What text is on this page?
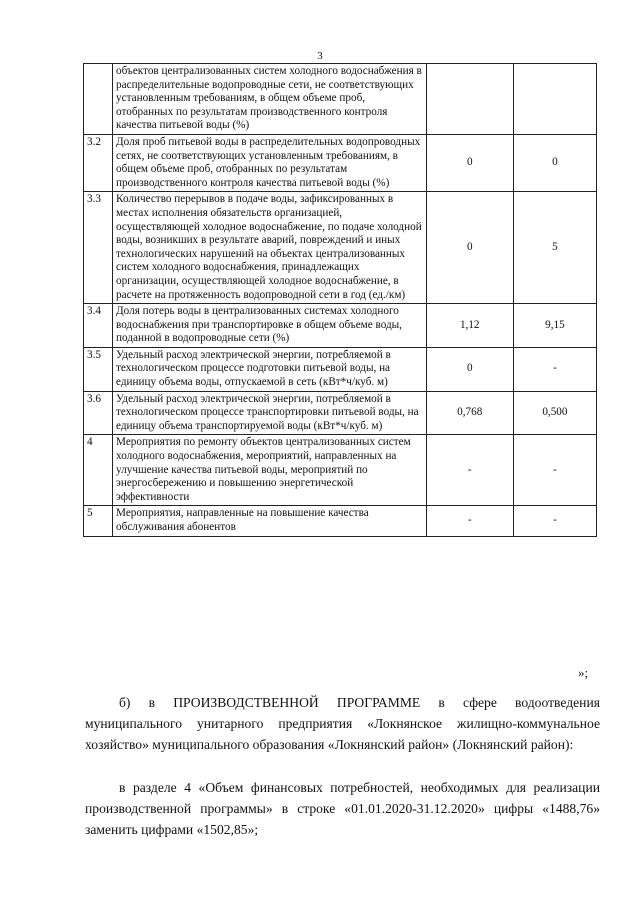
3
	объектов централизованных систем холодного водоснабжения в распределительные водопроводные сети, не соответствующих установленным требованиям, в общем объеме проб, отобранных по результатам производственного контроля качества питьевой воды (%)		
3.2	Доля проб питьевой воды в распределительных водопроводных сетях, не соответствующих установленным требованиям, в общем объеме проб, отобранных по результатам производственного контроля качества питьевой воды (%)	0	0
3.3	Количество перерывов в подаче воды, зафиксированных в местах исполнения обязательств организацией, осуществляющей холодное водоснабжение, по подаче холодной воды, возникших в результате аварий, повреждений и иных технологических нарушений на объектах централизованных систем холодного водоснабжения, принадлежащих организации, осуществляющей холодное водоснабжение, в расчете на протяженность водопроводной сети в год (ед./км)	0	5
3.4	Доля потерь воды в централизованных системах холодного водоснабжения при транспортировке в общем объеме воды, поданной в водопроводные сети (%)	1,12	9,15
3.5	Удельный расход электрической энергии, потребляемой в технологическом процессе подготовки питьевой воды, на единицу объема воды, отпускаемой в сеть (кВт*ч/куб. м)	0	-
3.6	Удельный расход электрической энергии, потребляемой в технологическом процессе транспортировки питьевой воды, на единицу объема транспортируемой воды (кВт*ч/куб. м)	0,768	0,500
4	Мероприятия по ремонту объектов централизованных систем холодного водоснабжения, мероприятий, направленных на улучшение качества питьевой воды, мероприятий по энергосбережению и повышению энергетической эффективности	-	-
5	Мероприятия, направленные на повышение качества обслуживания абонентов	-	-
»;
б) в ПРОИЗВОДСТВЕННОЙ ПРОГРАММЕ в сфере водоотведения муниципального унитарного предприятия «Локнянское жилищно-коммунальное хозяйство» муниципального образования «Локнянский район» (Локнянский район):
в разделе 4 «Объем финансовых потребностей, необходимых для реализации производственной программы» в строке «01.01.2020-31.12.2020» цифры «1488,76» заменить цифрами «1502,85»;
